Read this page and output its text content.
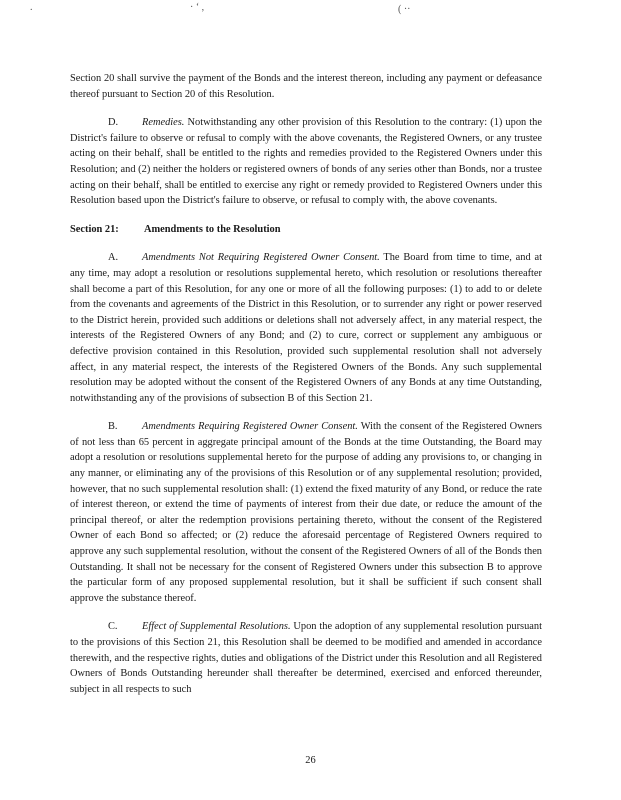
.	· ‘ ,	( ··

Section 20 shall survive the payment of the Bonds and the interest thereon, including any payment or defeasance thereof pursuant to Section 20 of this Resolution.

D. Remedies. Notwithstanding any other provision of this Resolution to the contrary: (1) upon the District's failure to observe or refusal to comply with the above covenants, the Registered Owners, or any trustee acting on their behalf, shall be entitled to the rights and remedies provided to the Registered Owners under this Resolution; and (2) neither the holders or registered owners of bonds of any series other than Bonds, nor a trustee acting on their behalf, shall be entitled to exercise any right or remedy provided to Registered Owners under this Resolution based upon the District's failure to observe, or refusal to comply with, the above covenants.

Section 21: Amendments to the Resolution

A. Amendments Not Requiring Registered Owner Consent. The Board from time to time, and at any time, may adopt a resolution or resolutions supplemental hereto, which resolution or resolutions thereafter shall become a part of this Resolution, for any one or more of all the following purposes: (1) to add to or delete from the covenants and agreements of the District in this Resolution, or to surrender any right or power reserved to the District herein, provided such additions or deletions shall not adversely affect, in any material respect, the interests of the Registered Owners of any Bond; and (2) to cure, correct or supplement any ambiguous or defective provision contained in this Resolution, provided such supplemental resolution shall not adversely affect, in any material respect, the interests of the Registered Owners of the Bonds. Any such supplemental resolution may be adopted without the consent of the Registered Owners of any Bonds at any time Outstanding, notwithstanding any of the provisions of subsection B of this Section 21.

B. Amendments Requiring Registered Owner Consent. With the consent of the Registered Owners of not less than 65 percent in aggregate principal amount of the Bonds at the time Outstanding, the Board may adopt a resolution or resolutions supplemental hereto for the purpose of adding any provisions to, or changing in any manner, or eliminating any of the provisions of this Resolution or of any supplemental resolution; provided, however, that no such supplemental resolution shall: (1) extend the fixed maturity of any Bond, or reduce the rate of interest thereon, or extend the time of payments of interest from their due date, or reduce the amount of the principal thereof, or alter the redemption provisions pertaining thereto, without the consent of the Registered Owner of each Bond so affected; or (2) reduce the aforesaid percentage of Registered Owners required to approve any such supplemental resolution, without the consent of the Registered Owners of all of the Bonds then Outstanding. It shall not be necessary for the consent of Registered Owners under this subsection B to approve the particular form of any proposed supplemental resolution, but it shall be sufficient if such consent shall approve the substance thereof.

C. Effect of Supplemental Resolutions. Upon the adoption of any supplemental resolution pursuant to the provisions of this Section 21, this Resolution shall be deemed to be modified and amended in accordance therewith, and the respective rights, duties and obligations of the District under this Resolution and all Registered Owners of Bonds Outstanding hereunder shall thereafter be determined, exercised and enforced thereunder, subject in all respects to such

26
